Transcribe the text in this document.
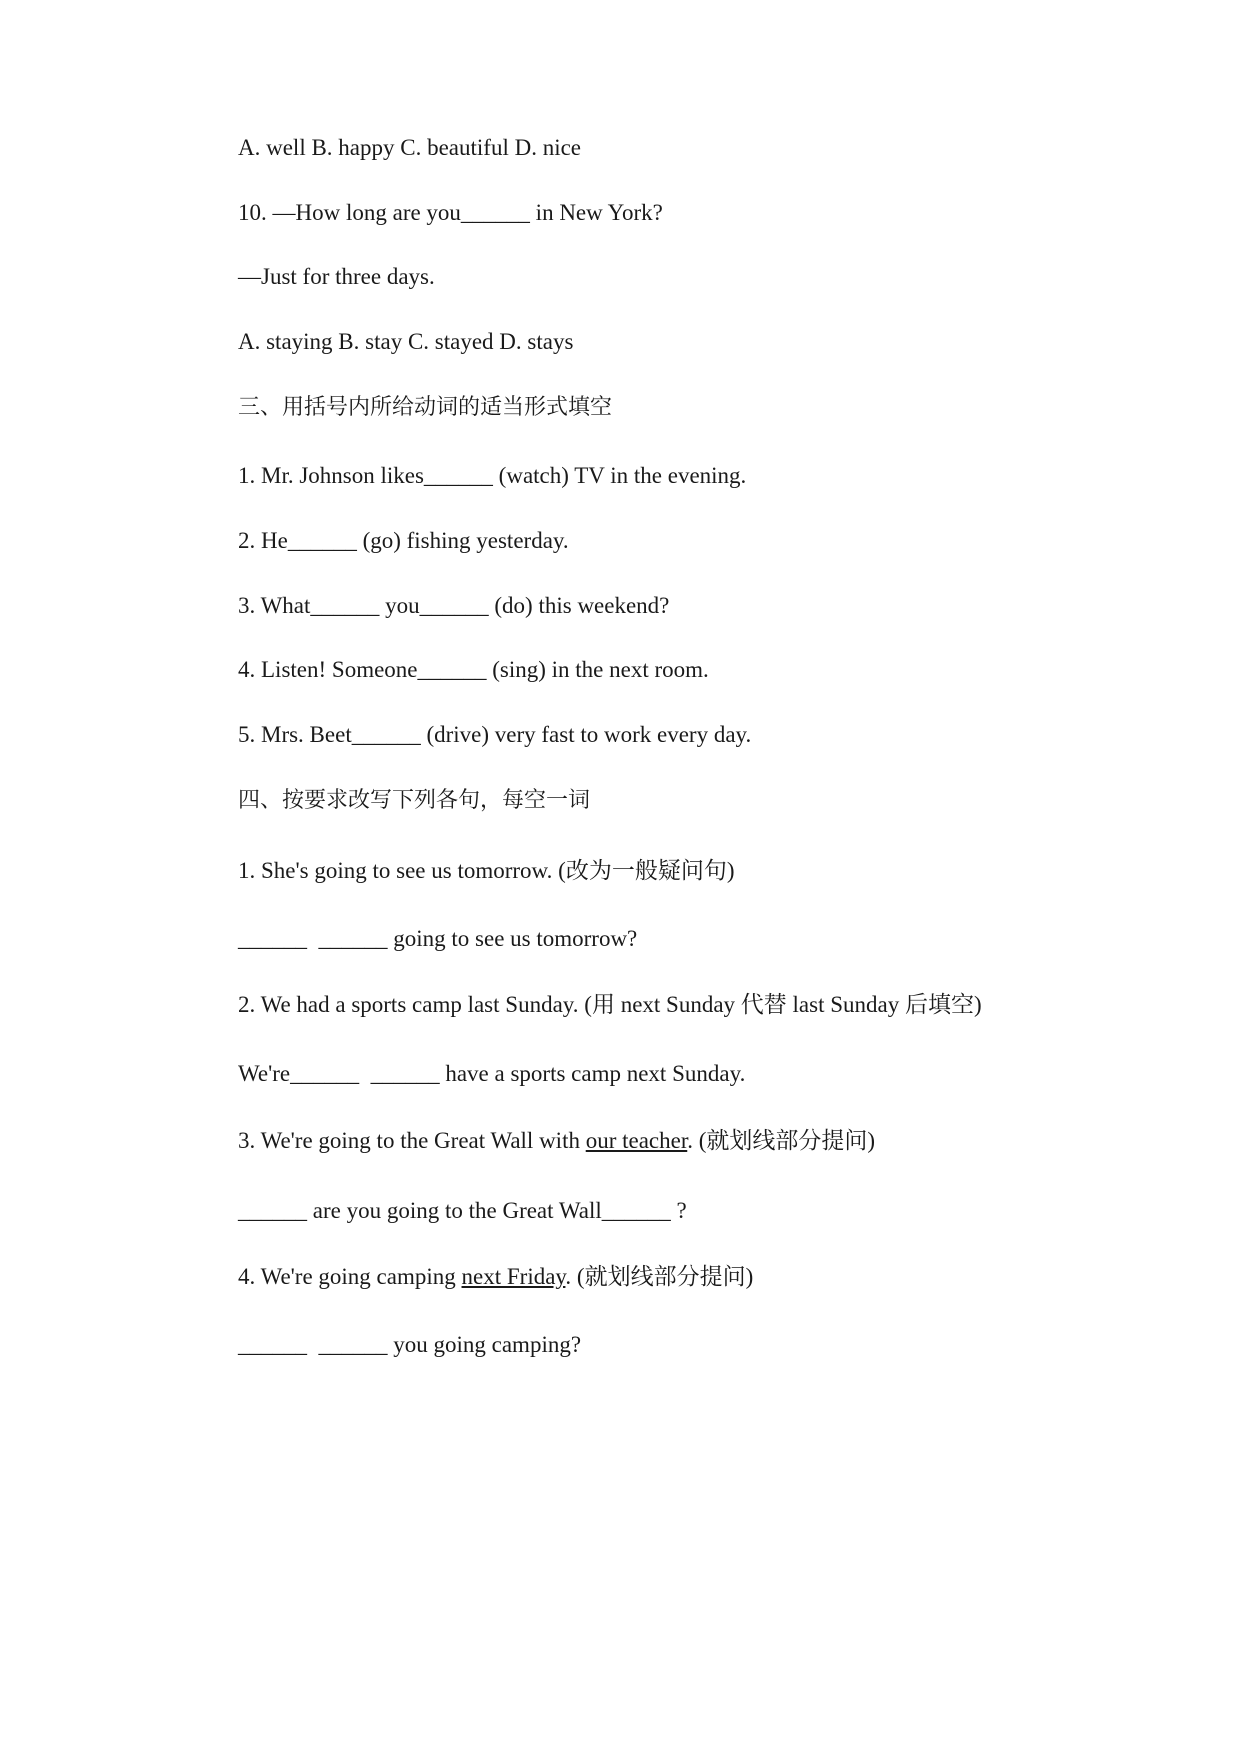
A. well B. happy C. beautiful D. nice
10. —How long are you______ in New York?
—Just for three days.
A. staying B. stay C. stayed D. stays
三、用括号内所给动词的适当形式填空
1. Mr. Johnson likes______ (watch) TV in the evening.
2. He______ (go) fishing yesterday.
3. What______ you______ (do) this weekend?
4. Listen! Someone______ (sing) in the next room.
5. Mrs. Beet______ (drive) very fast to work every day.
四、按要求改写下列各句，每空一词
1. She's going to see us tomorrow. (改为一般疑问句)
______  ______ going to see us tomorrow?
2. We had a sports camp last Sunday. (用 next Sunday 代替 last Sunday 后填空)
We're______  ______ have a sports camp next Sunday.
3. We're going to the Great Wall with our teacher. (就划线部分提问)
______ are you going to the Great Wall______ ?
4. We're going camping next Friday. (就划线部分提问)
______  ______ you going camping?
